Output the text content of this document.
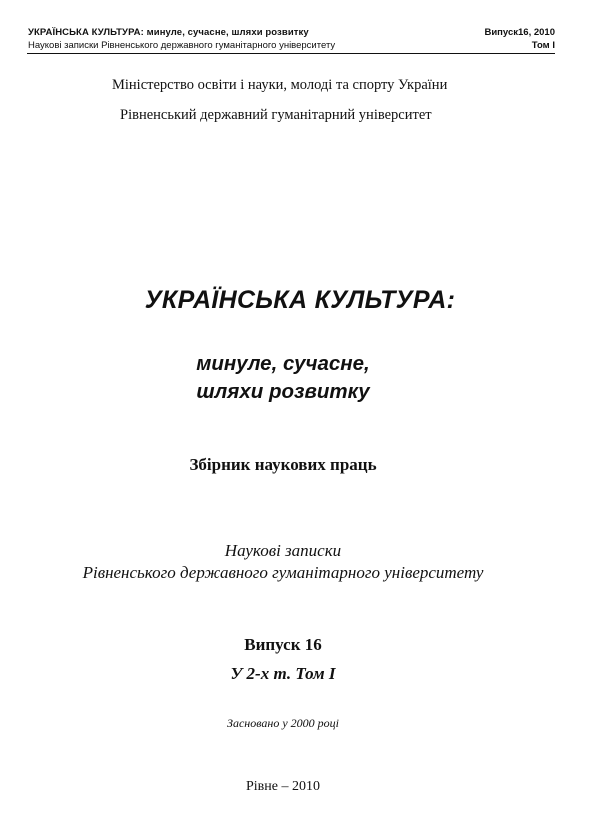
УКРАЇНСЬКА КУЛЬТУРА: минуле, сучасне, шляхи розвитку
Наукові записки Рівненського державного гуманітарного університету
Випуск16, 2010
Том I
Міністерство освіти і науки, молоді та спорту України
Рівненський державний гуманітарний університет
УКРАЇНСЬКА КУЛЬТУРА:
минуле, сучасне,
шляхи розвитку
Збірник наукових праць
Наукові записки
Рівненського державного гуманітарного університету
Випуск 16
У 2-х т. Том I
Засновано у 2000 році
Рівне – 2010
